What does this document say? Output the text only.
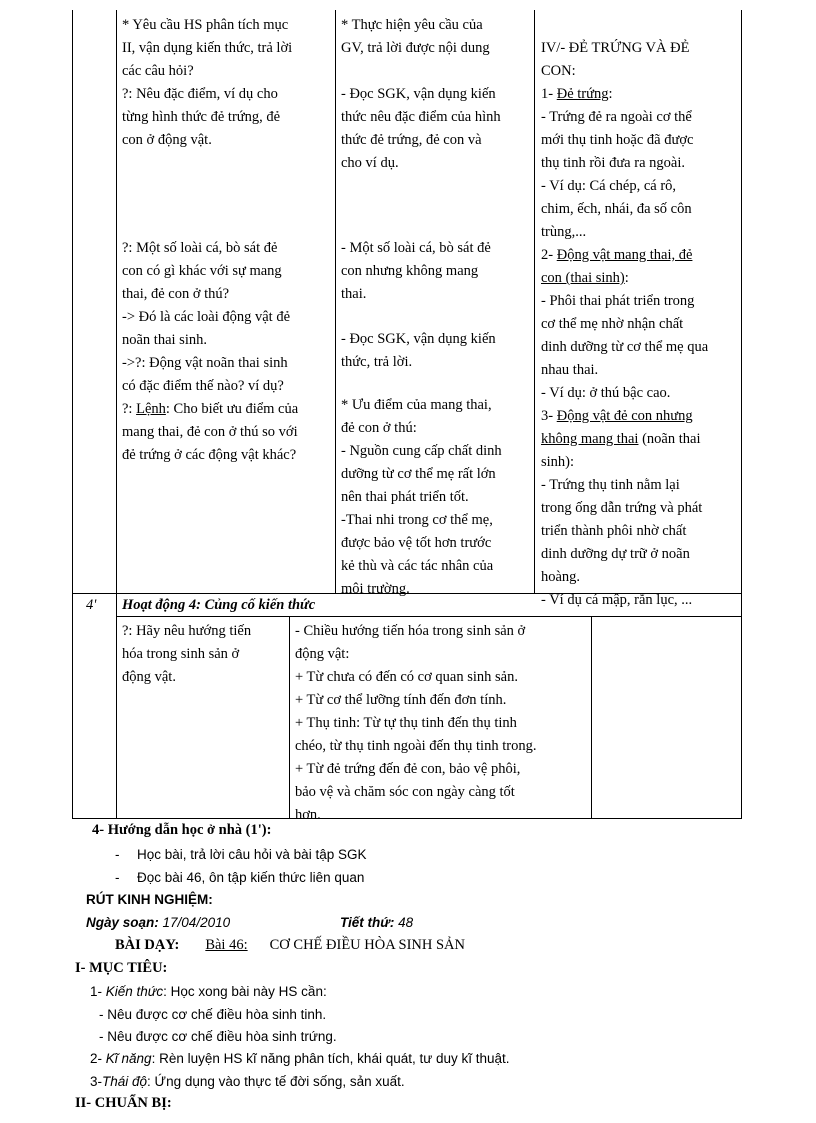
* Yêu cầu HS phân tích mục
II, vận dụng kiến thức, trả lời
các câu hỏi?
?: Nêu đặc điểm, ví dụ cho
từng hình thức đẻ trứng, đẻ
con ở động vật.
?: Một số loài cá, bò sát đẻ
con có gì khác với sự mang
thai, đẻ con ở thú?
-> Đó là các loài động vật đẻ
noãn thai sinh.
->?: Động vật noãn thai sinh
có đặc điểm thế nào? ví dụ?
?: Lệnh: Cho biết ưu điểm của
mang thai, đẻ con ở thú so với
đẻ trứng ở các động vật khác?
* Thực hiện yêu cầu của
GV, trả lời được nội dung
- Đọc SGK, vận dụng kiến
thức nêu đặc điểm của hình
thức đẻ trứng, đẻ con và
cho ví dụ.
- Một số loài cá, bò sát đẻ
con nhưng không mang
thai.
- Đọc SGK, vận dụng kiến
thức, trả lời.
* Ưu điểm của mang thai,
đẻ con ở thú:
- Nguồn cung cấp chất dinh
dưỡng từ cơ thể mẹ rất lớn
nên thai phát triển tốt.
-Thai nhi trong cơ thể mẹ,
được bảo vệ tốt hơn trước
kẻ thù và các tác nhân của
môi trường.
IV/- ĐẺ TRỨNG VÀ ĐẺ
CON:
1- Đẻ trứng:
- Trứng đẻ ra ngoài cơ thể
mới thụ tinh hoặc đã được
thụ tinh rồi đưa ra ngoài.
- Ví dụ: Cá chép, cá rô,
chim, ếch, nhái, đa số côn
trùng,...
2- Động vật mang thai, đẻ
con (thai sinh):
- Phôi thai phát triển trong
cơ thể mẹ nhờ nhận chất
dinh dưỡng từ cơ thể mẹ qua
nhau thai.
- Ví dụ: ở thú bậc cao.
3- Động vật đẻ con nhưng
không mang thai (noãn thai
sinh):
- Trứng thụ tinh nằm lại
trong ống dẫn trứng và phát
triển thành phôi nhờ chất
dinh dưỡng dự trữ ở noãn
hoàng.
- Ví dụ cá mập, rắn lục, ...
4' Hoạt động 4: Củng cố kiến thức
?: Hãy nêu hướng tiến
hóa trong sinh sản ở
động vật.
- Chiều hướng tiến hóa trong sinh sản ở
động vật:
+ Từ chưa có đến có cơ quan sinh sản.
+ Từ cơ thể lưỡng tính đến đơn tính.
+ Thụ tinh: Từ tự thụ tinh đến thụ tinh
chéo, từ thụ tinh ngoài đến thụ tinh trong.
+ Từ đẻ trứng đến đẻ con, bảo vệ phôi,
bảo vệ và chăm sóc con ngày càng tốt
hơn.
4- Hướng dẫn học ở nhà (1'):
- Học bài, trả lời câu hỏi và bài tập SGK
- Đọc bài 46, ôn tập kiến thức liên quan
RÚT KINH NGHIỆM:
Ngày soạn: 17/04/2010	Tiết thứ: 48
BÀI DẠY: Bài 46: CƠ CHẾ ĐIỀU HÒA SINH SẢN
I- MỤC TIÊU:
1- Kiến thức: Học xong bài này HS cần:
- Nêu được cơ chế điều hòa sinh tinh.
- Nêu được cơ chế điều hòa sinh trứng.
2- Kĩ năng: Rèn luyện HS kĩ năng phân tích, khái quát, tư duy kĩ thuật.
3-Thái độ: Ứng dụng vào thực tế đời sống, sản xuất.
II- CHUẨN BỊ:
